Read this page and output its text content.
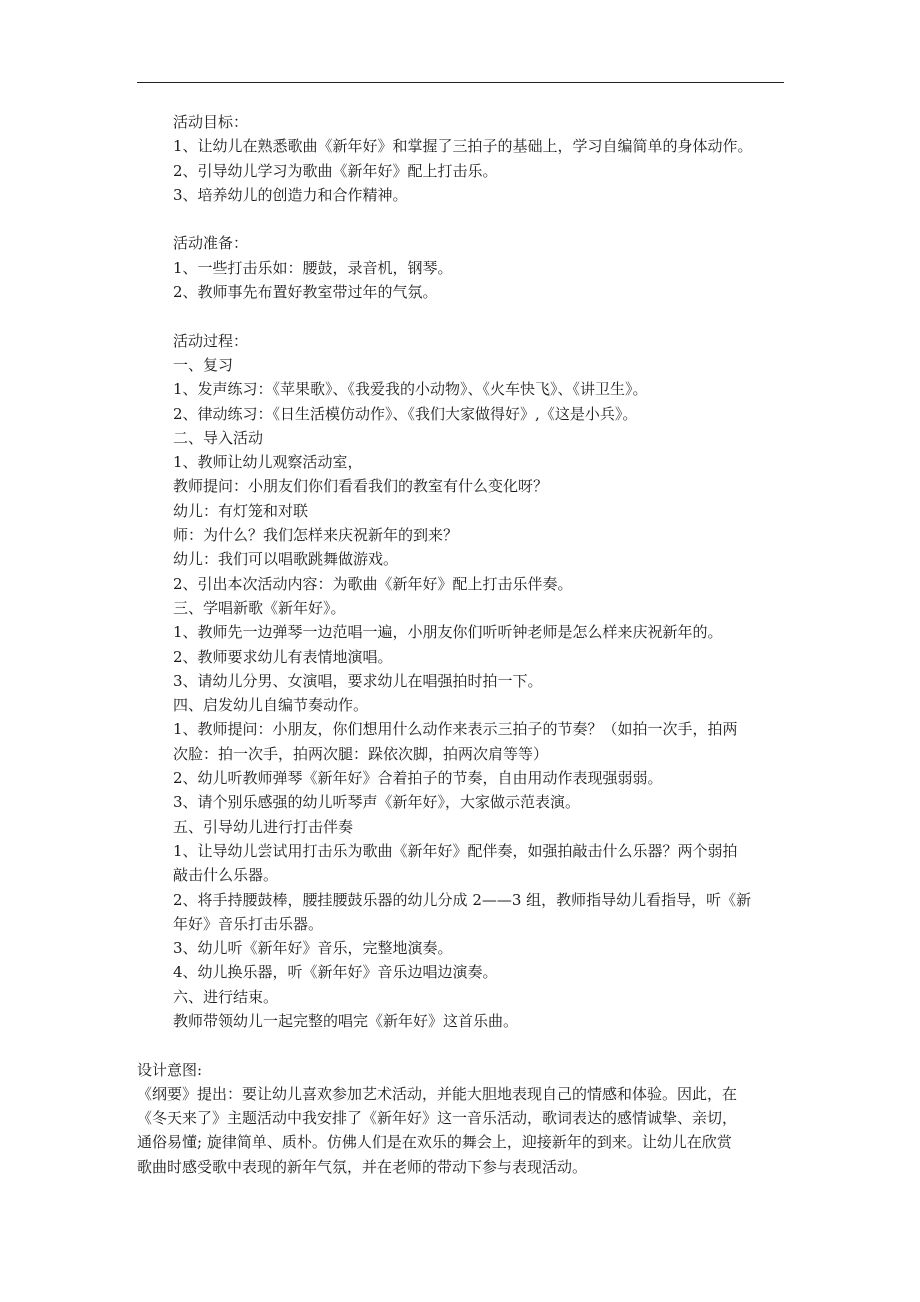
活动目标：
1、让幼儿在熟悉歌曲《新年好》和掌握了三拍子的基础上，学习自编简单的身体动作。
2、引导幼儿学习为歌曲《新年好》配上打击乐。
3、培养幼儿的创造力和合作精神。
活动准备：
1、一些打击乐如：腰鼓，录音机，钢琴。
2、教师事先布置好教室带过年的气氛。
活动过程：
一、复习
1、发声练习：《苹果歌》、《我爱我的小动物》、《火车快飞》、《讲卫生》。
2、律动练习：《日生活模仿动作》、《我们大家做得好》,《这是小兵》。
二、导入活动
1、教师让幼儿观察活动室，
教师提问：小朋友们你们看看我们的教室有什么变化呀？
幼儿：有灯笼和对联
师：为什么？我们怎样来庆祝新年的到来？
幼儿：我们可以唱歌跳舞做游戏。
2、引出本次活动内容：为歌曲《新年好》配上打击乐伴奏。
三、学唱新歌《新年好》。
1、教师先一边弹琴一边范唱一遍，小朋友你们听听钟老师是怎么样来庆祝新年的。
2、教师要求幼儿有表情地演唱。
3、请幼儿分男、女演唱，要求幼儿在唱强拍时拍一下。
四、启发幼儿自编节奏动作。
1、教师提问：小朋友，你们想用什么动作来表示三拍子的节奏？（如拍一次手，拍两
次脸：拍一次手，拍两次腿：跺依次脚，拍两次肩等等）
2、幼儿听教师弹琴《新年好》合着拍子的节奏，自由用动作表现强弱弱。
3、请个别乐感强的幼儿听琴声《新年好》，大家做示范表演。
五、引导幼儿进行打击伴奏
1、让导幼儿尝试用打击乐为歌曲《新年好》配伴奏，如强拍敲击什么乐器？两个弱拍
敲击什么乐器。
2、将手持腰鼓棒，腰挂腰鼓乐器的幼儿分成 2——3 组，教师指导幼儿看指导，听《新
年好》音乐打击乐器。
3、幼儿听《新年好》音乐，完整地演奏。
4、幼儿换乐器，听《新年好》音乐边唱边演奏。
六、进行结束。
教师带领幼儿一起完整的唱完《新年好》这首乐曲。
设计意图:
《纲要》提出：要让幼儿喜欢参加艺术活动，并能大胆地表现自己的情感和体验。因此，在
《冬天来了》主题活动中我安排了《新年好》这一音乐活动，歌词表达的感情诚挚、亲切，
通俗易懂; 旋律简单、质朴。仿佛人们是在欢乐的舞会上，迎接新年的到来。让幼儿在欣赏
歌曲时感受歌中表现的新年气氛，并在老师的带动下参与表现活动。
